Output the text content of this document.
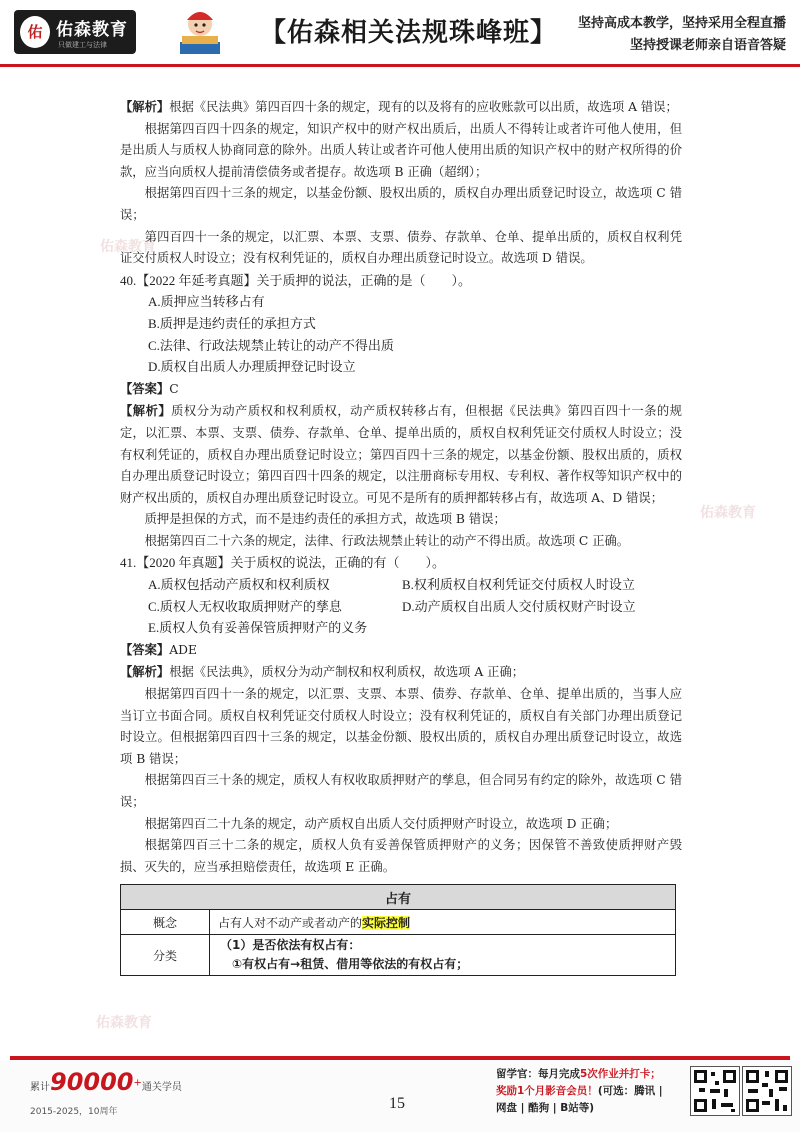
佑 佑森教育
只做建工与法律	【佑森相关法规珠峰班】 坚持高成本教学，坚持采用全程直播
坚持授课老师亲自语音答疑
佑森教育
佑森教育
佑森教育

【解析】根据《民法典》第四百四十条的规定，现有的以及将有的应收账款可以出质，故选项 A 错误；

根据第四百四十四条的规定，知识产权中的财产权出质后，出质人不得转让或者许可他人使用，但是出质人与质权人协商同意的除外。出质人转让或者许可他人使用出质的知识产权中的财产权所得的价款，应当向质权人提前清偿债务或者提存。故选项 B 正确（超纲）；

根据第四百四十三条的规定，以基金份额、股权出质的，质权自办理出质登记时设立，故选项 C 错误；

第四百四十一条的规定，以汇票、本票、支票、债券、存款单、仓单、提单出质的，质权自权利凭证交付质权人时设立；没有权利凭证的，质权自办理出质登记时设立。故选项 D 错误。

40.【2022 年延考真题】关于质押的说法，正确的是（　　）。

A.质押应当转移占有

B.质押是违约责任的承担方式

C.法律、行政法规禁止转让的动产不得出质

D.质权自出质人办理质押登记时设立

【答案】C

【解析】质权分为动产质权和权利质权，动产质权转移占有，但根据《民法典》第四百四十一条的规定，以汇票、本票、支票、债券、存款单、仓单、提单出质的，质权自权利凭证交付质权人时设立；没有权利凭证的，质权自办理出质登记时设立；第四百四十三条的规定，以基金份额、股权出质的，质权自办理出质登记时设立；第四百四十四条的规定，以注册商标专用权、专利权、著作权等知识产权中的财产权出质的，质权自办理出质登记时设立。可见不是所有的质押都转移占有，故选项 A、D 错误；

质押是担保的方式，而不是违约责任的承担方式，故选项 B 错误；

根据第四百二十六条的规定，法律、行政法规禁止转让的动产不得出质。故选项 C 正确。

41.【2020 年真题】关于质权的说法，正确的有（　　）。

A.质权包括动产质权和权利质权	B.权利质权自权利凭证交付质权人时设立

C.质权人无权收取质押财产的孳息	D.动产质权自出质人交付质权财产时设立

E.质权人负有妥善保管质押财产的义务

【答案】ADE

【解析】根据《民法典》，质权分为动产制权和权利质权，故选项 A 正确；

根据第四百四十一条的规定，以汇票、支票、本票、债券、存款单、仓单、提单出质的，当事人应当订立书面合同。质权自权利凭证交付质权人时设立；没有权利凭证的，质权自有关部门办理出质登记时设立。但根据第四百四十三条的规定，以基金份额、股权出质的，质权自办理出质登记时设立，故选项 B 错误；

根据第四百三十条的规定，质权人有权收取质押财产的孳息，但合同另有约定的除外，故选项 C 错误；

根据第四百二十九条的规定，动产质权自出质人交付质押财产时设立，故选项 D 正确；

根据第四百三十二条的规定，质权人负有妥善保管质押财产的义务；因保管不善致使质押财产毁损、灭失的，应当承担赔偿责任，故选项 E 正确。

占有	
概念	占有人对不动产或者动产的实际控制
分类	（1）是否依法有权占有：
①有权占有→租赁、借用等依法的有权占有；
累计90000+通关学员
2015-2025，10周年	15
留学官：每月完成5次作业并打卡；
奖励1个月影音会员！(可选：腾讯 |
网盘 | 酷狗 | B站等)
